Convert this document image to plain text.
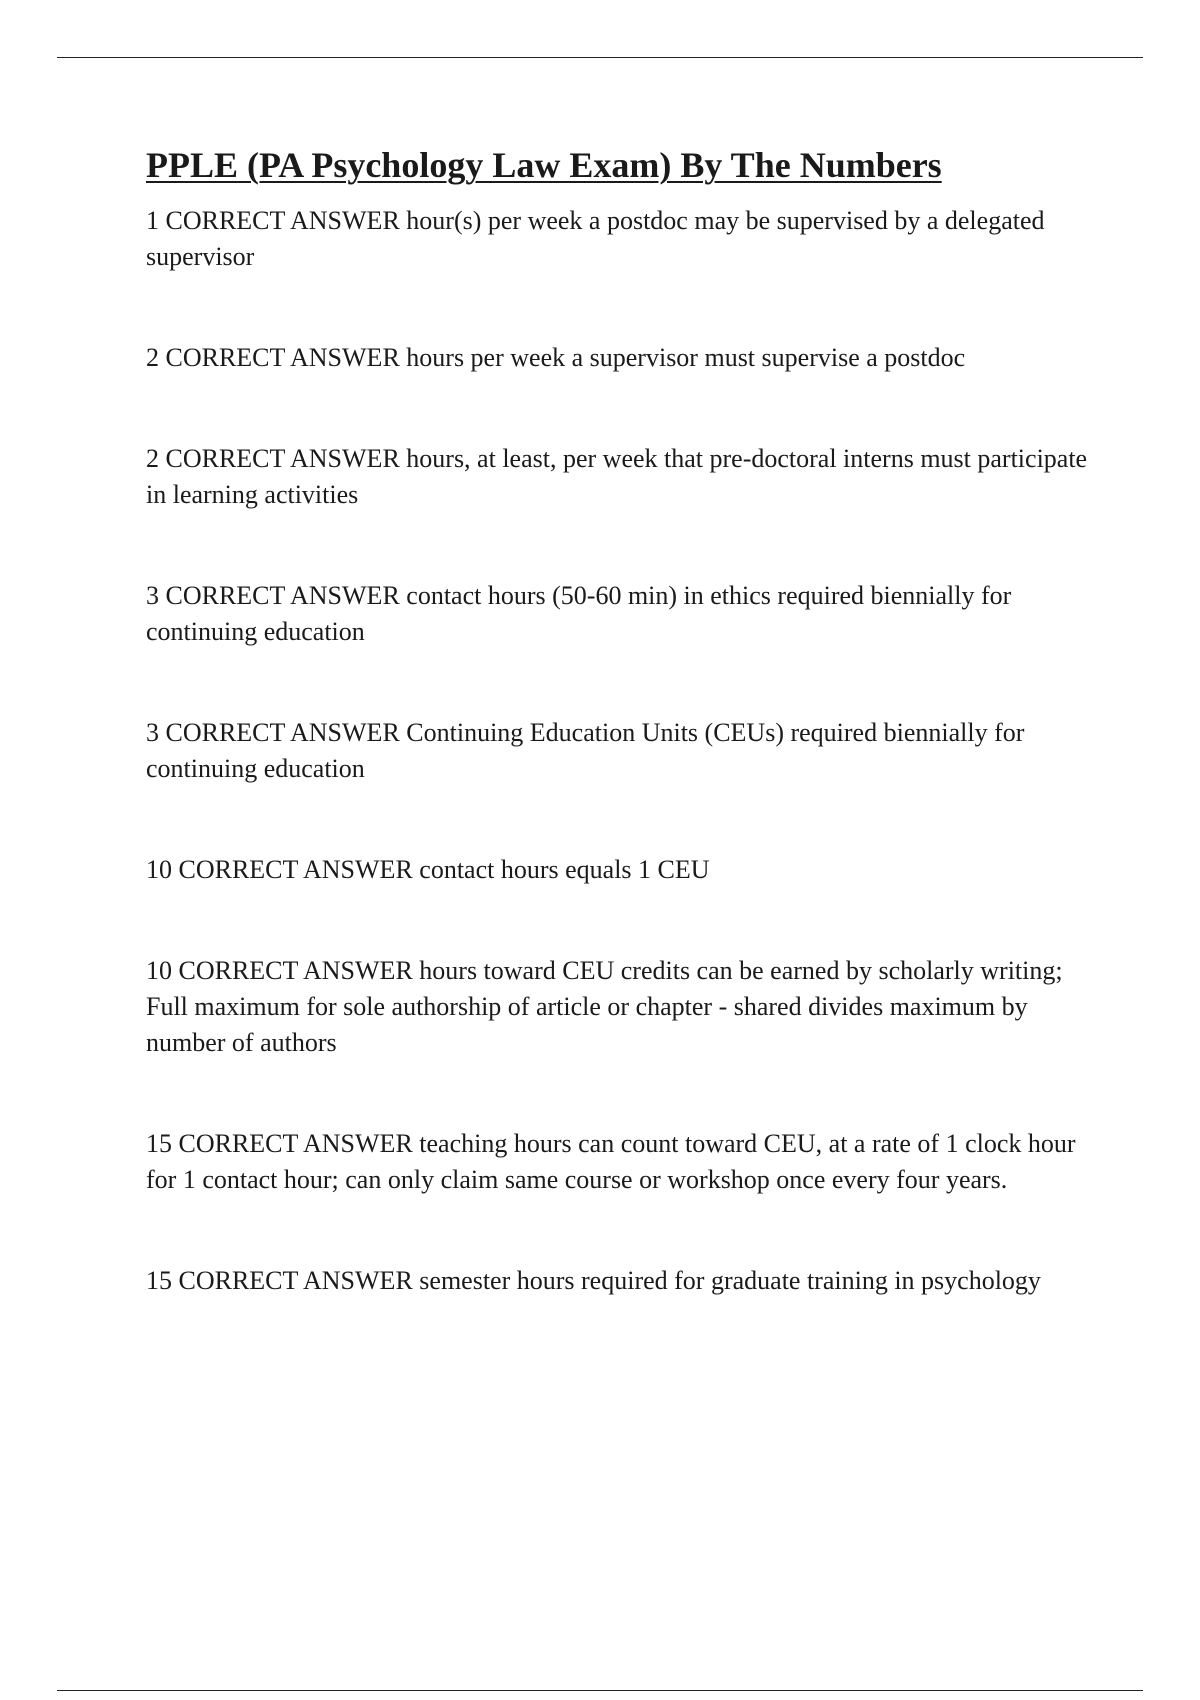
PPLE (PA Psychology Law Exam) By The Numbers

1 CORRECT ANSWER hour(s) per week a postdoc may be supervised by a delegated supervisor

2 CORRECT ANSWER hours per week a supervisor must supervise a postdoc

2 CORRECT ANSWER hours, at least, per week that pre-doctoral interns must participate in learning activities

3 CORRECT ANSWER contact hours (50-60 min) in ethics required biennially for continuing education

3 CORRECT ANSWER Continuing Education Units (CEUs) required biennially for continuing education

10 CORRECT ANSWER contact hours equals 1 CEU

10 CORRECT ANSWER hours toward CEU credits can be earned by scholarly writing; Full maximum for sole authorship of article or chapter - shared divides maximum by number of authors

15 CORRECT ANSWER teaching hours can count toward CEU, at a rate of 1 clock hour for 1 contact hour; can only claim same course or workshop once every four years.

15 CORRECT ANSWER semester hours required for graduate training in psychology
